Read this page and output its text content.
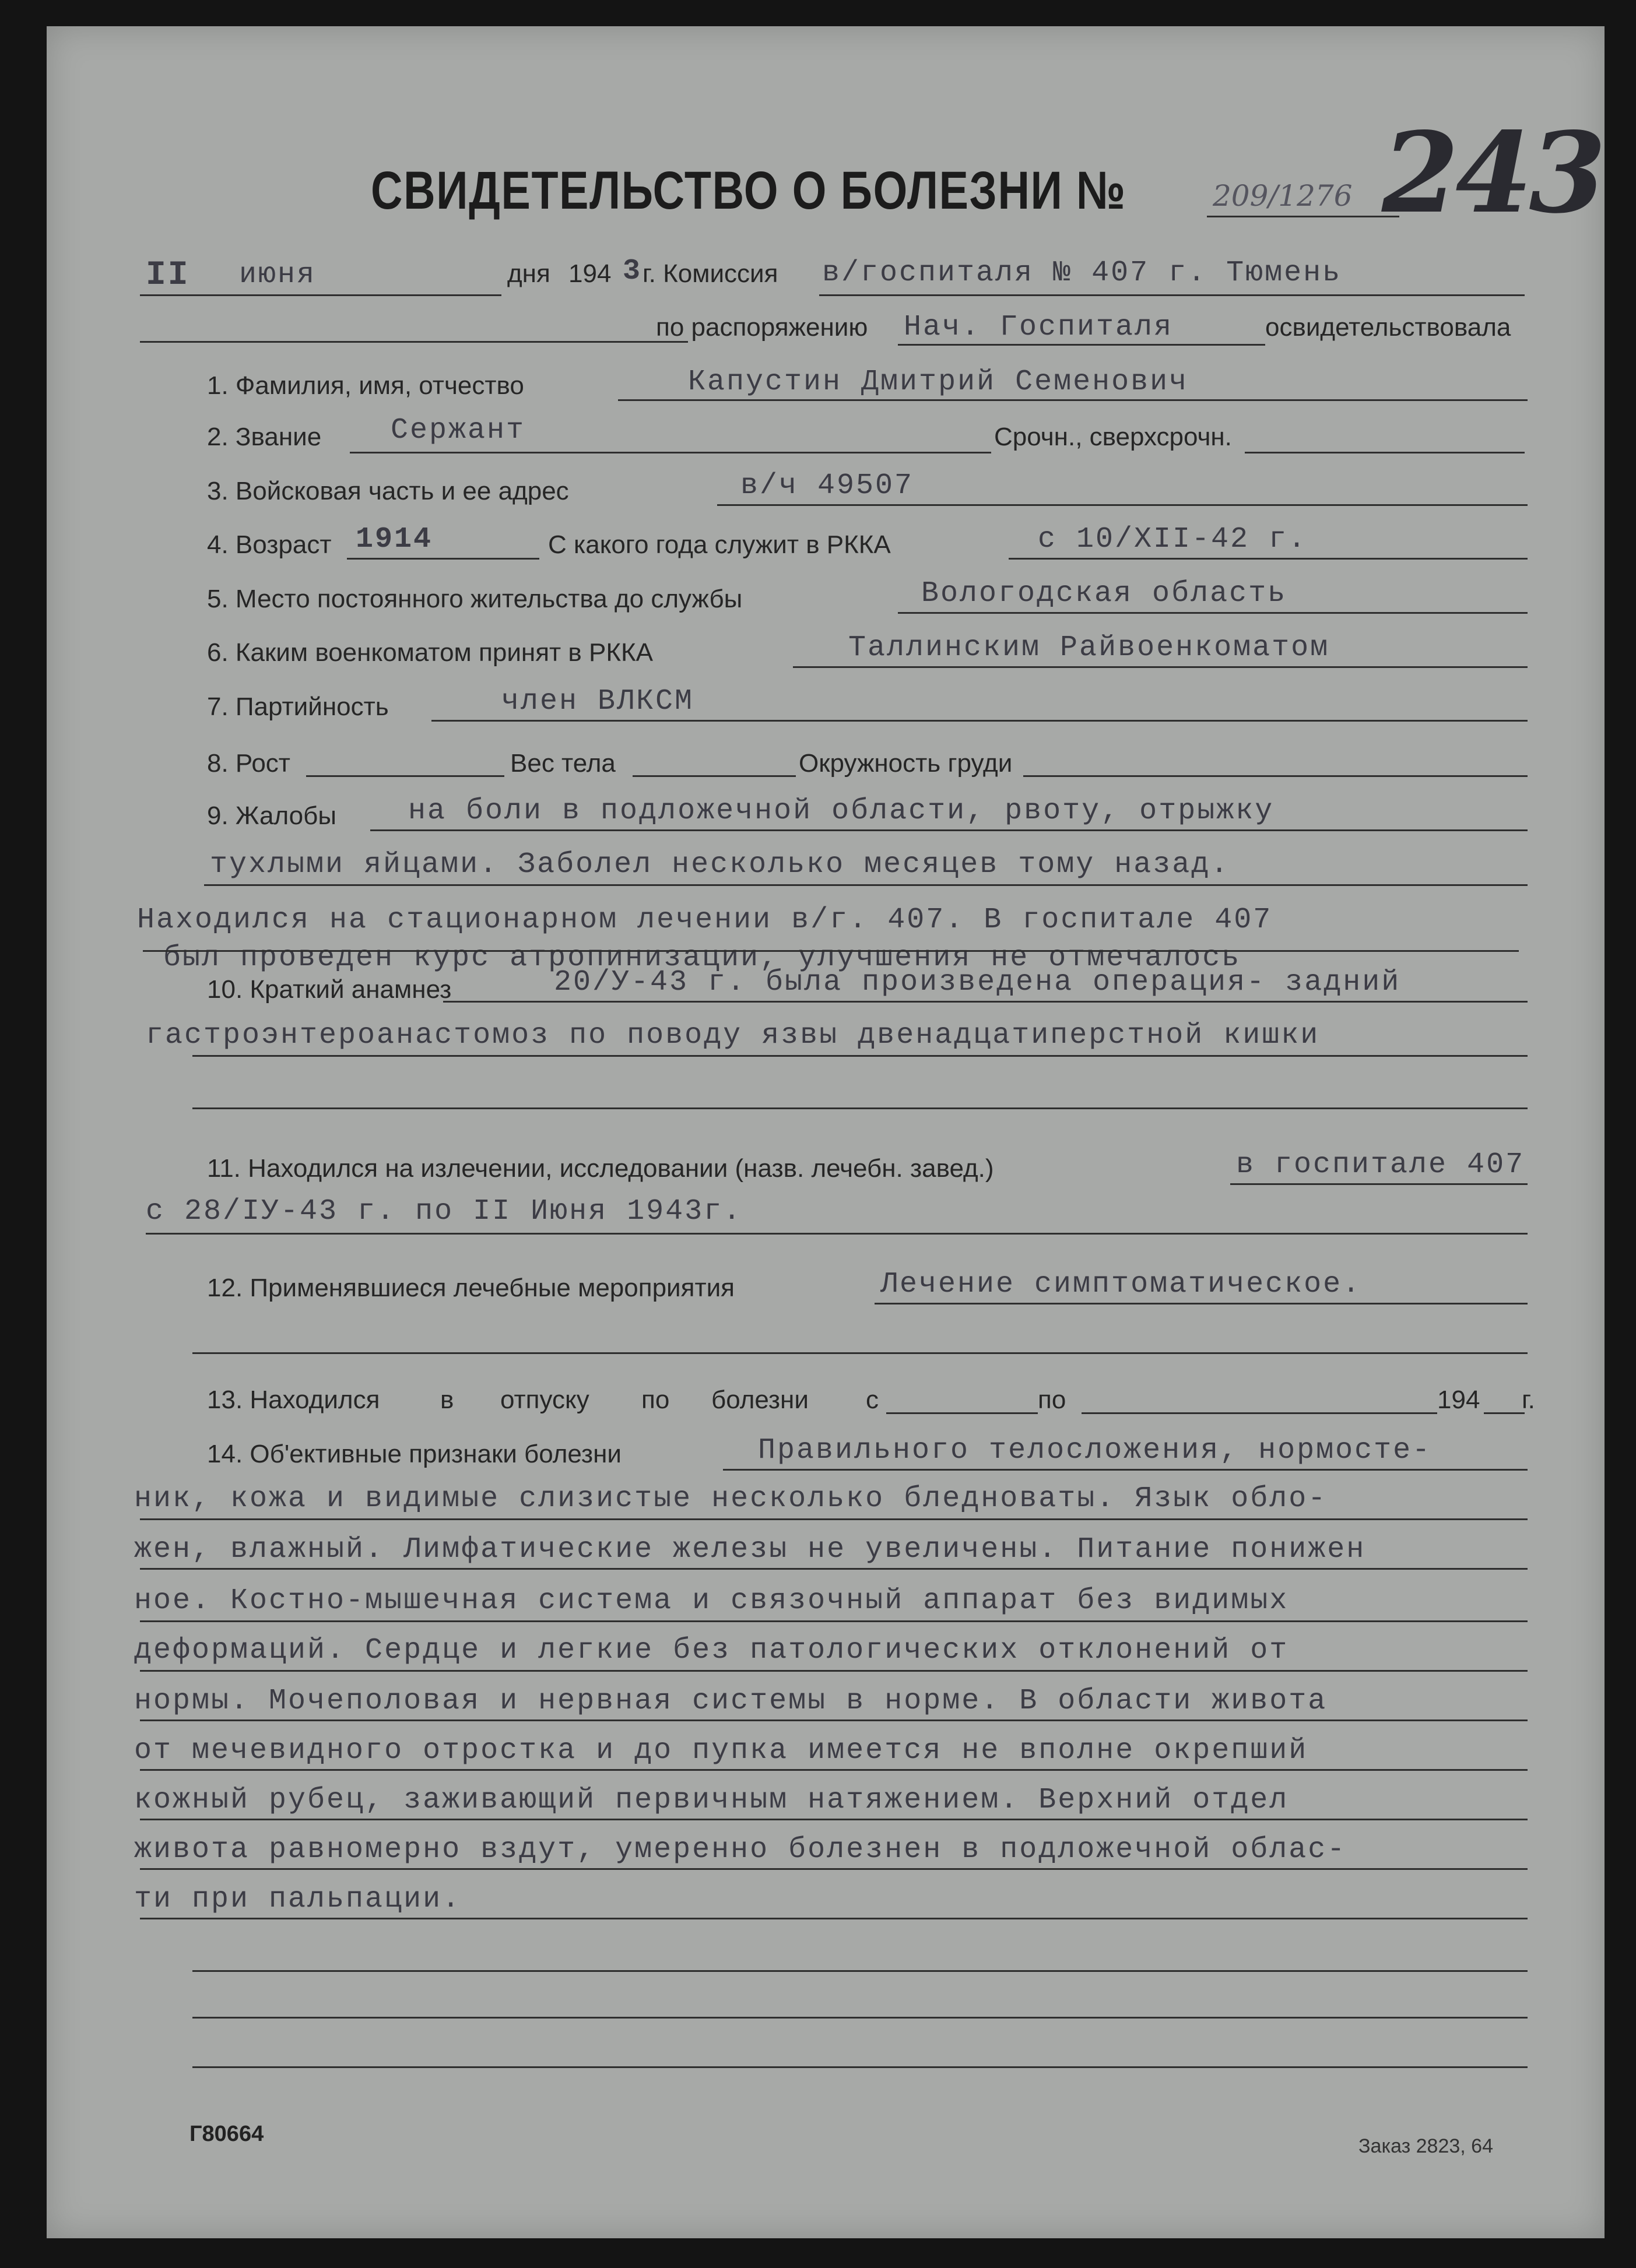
СВИДЕТЕЛЬСТВО О БОЛЕЗНИ №	209/1276 243
II июня	дня 194 3 г. Комиссия в/госпиталя № 407 г. Тюмень
по распоряжению Нач. Госпиталя	освидетельствовала
1. Фамилия, имя, отчество	Капустин Дмитрий Семенович
2. Звание Сержант	Срочн., сверхсрочн.
3. Войсковая часть и ее адрес	в/ч 49507
4. Возраст 1914	С какого года служит в РККА	с 10/XII-42 г.
5. Место постоянного жительства до службы	Вологодская область
6. Каким военкоматом принят в РККА	Таллинским Райвоенкоматом
7. Партийность	член ВЛКСМ
8. Рост	Вес тела	Окружность груди
9. Жалобы на боли в подложечной области, рвоту, отрыжку
тухлыми яйцами. Заболел несколько месяцев тому назад.
Находился на стационарном лечении в/г. 407. В госпитале 407
был проведен курс атропинизации, улучшения не отмечалось
10. Краткий анамнез	20/У-43 г. была произведена операция- задний
гастроэнтероанастомоз по поводу язвы двенадцатиперстной кишки
11. Находился на излечении, исследовании (назв. лечебн. завед.)	в госпитале 407
с 28/IУ-43 г. по II Июня 1943г.
12. Применявшиеся лечебные мероприятия	Лечение симптоматическое.
13. Находился в отпуску по болезни с	по	194 г.
14. Об'ективные признаки болезни	Правильного телосложения, нормостe-
ник, кожа и видимые слизистые несколько бледноваты. Язык обло-
жен, влажный. Лимфатические железы не увеличены. Питание понижен
ное. Костно-мышечная система и связочный аппарат без видимых
деформаций. Сердце и легкие без патологических отклонений от
нормы. Мочеполовая и нервная системы в норме. В области живота
от мечевидного отростка и до пупка имеется не вполне окрепший
кожный рубец, заживающий первичным натяжением. Верхний отдел
живота равномерно вздут, умеренно болезнен в подложечной облас-
ти при пальпации.
Г80664	Заказ 2823, 64
